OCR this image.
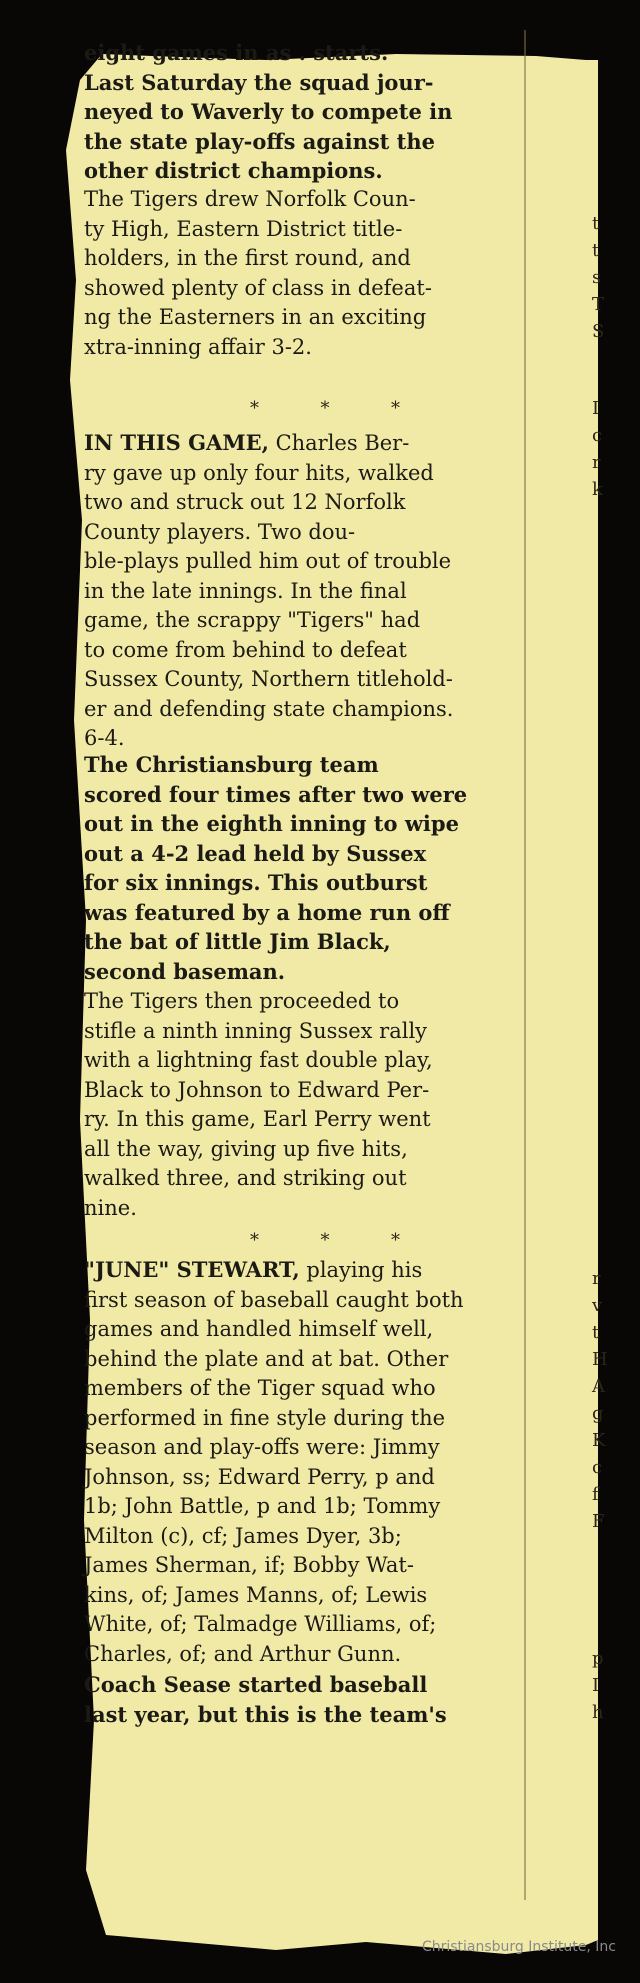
eight games in as . starts.
Last Saturday the squad jour-
neyed to Waverly to compete in
the state play-offs against the
other district champions.
The Tigers drew Norfolk Coun-
ty High, Eastern District title-
holders, in the first round, and
showed plenty of class in defeat-
ng the Easterners in an exciting
xtra-inning affair 3-2.
*	*	*
IN THIS GAME, Charles Ber-
ry gave up only four hits, walked
two and struck out 12 Norfolk
County players. Two dou-
ble-plays pulled him out of trouble
in the late innings. In the final
game, the scrappy "Tigers" had
to come from behind to defeat
Sussex County, Northern titlehold-
er and defending state champions.
6-4.
The Christiansburg team
scored four times after two were
out in the eighth inning to wipe
out a 4-2 lead held by Sussex
for six innings. This outburst
was featured by a home run off
the bat of little Jim Black,
second baseman.
The Tigers then proceeded to
stifle a ninth inning Sussex rally
with a lightning fast double play,
Black to Johnson to Edward Per-
ry. In this game, Earl Perry went
all the way, giving up five hits,
walked three, and striking out
nine.
*	*	*
"JUNE" STEWART, playing his
first season of baseball caught both
games and handled himself well,
behind the plate and at bat. Other
members of the Tiger squad who
performed in fine style during the
season and play-offs were: Jimmy
Johnson, ss; Edward Perry, p and
1b; John Battle, p and 1b; Tommy
Milton (c), cf; James Dyer, 3b;
James Sherman, if; Bobby Wat-
kins, of; James Manns, of; Lewis
White, of; Talmadge Williams, of;
Charles, of; and Arthur Gunn.
Coach Sease started baseball
last year, but this is the team's
t
t
s
T
S
I
c
r
k
r
v
t
H
A
g
K
c
f
F
p
I
h
Christiansburg Institute, Inc
